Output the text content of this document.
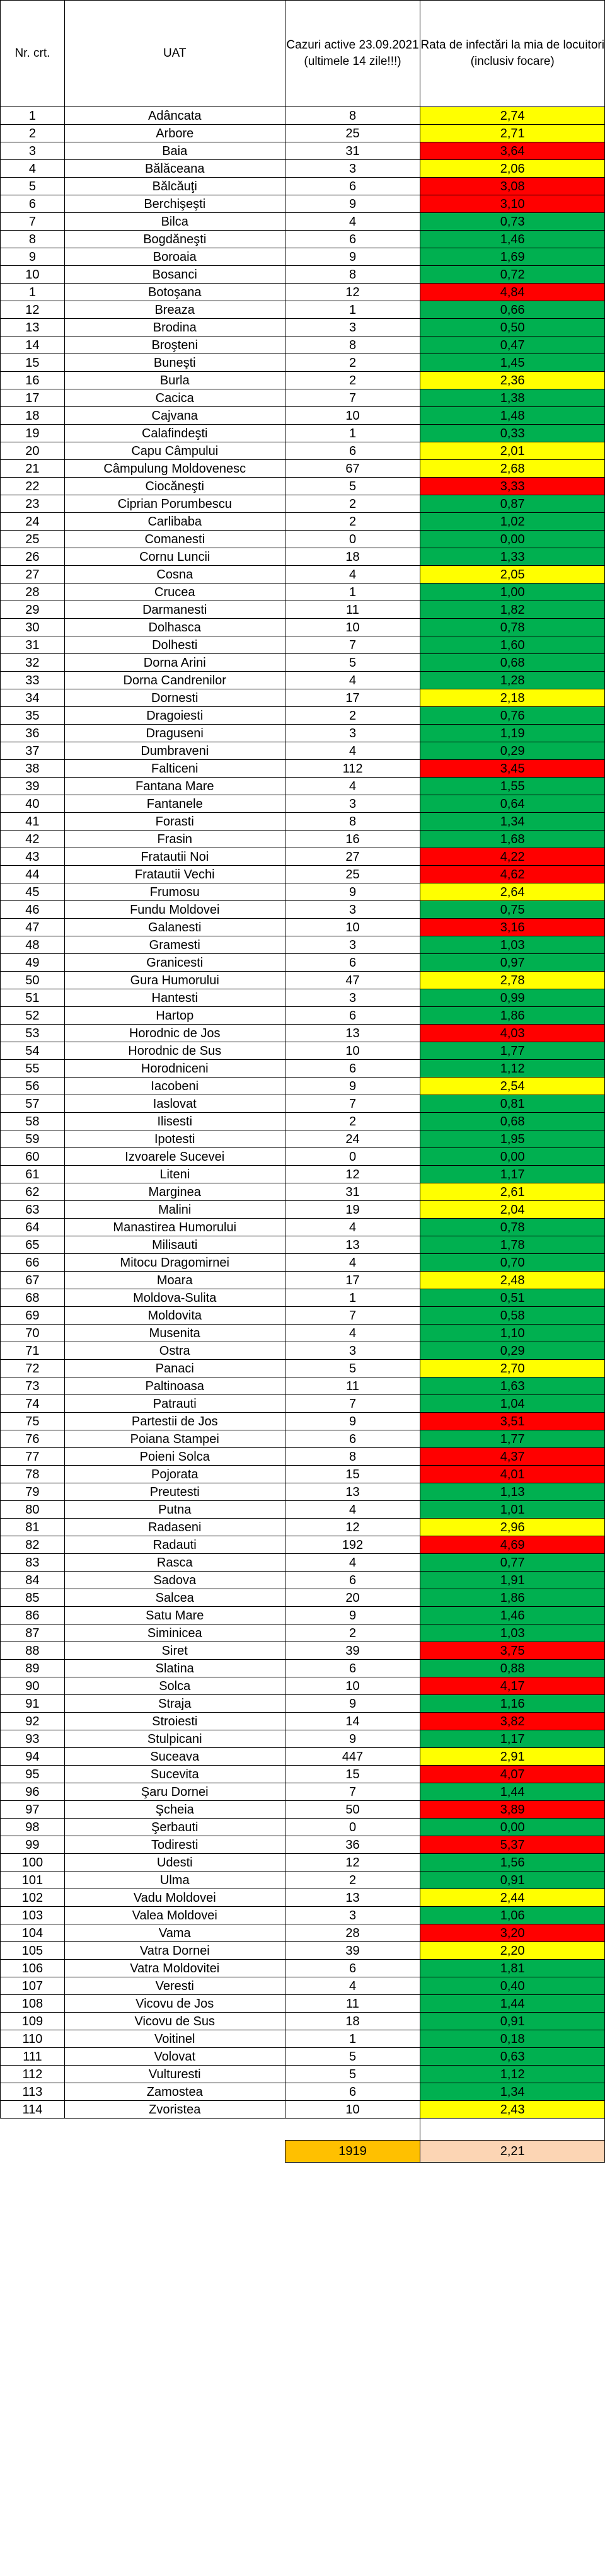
Nr. crt.	UAT	Cazuri active 23.09.2021 (ultimele 14 zile!!!)	Rata de infectări la mia de locuitori (inclusiv focare)
1	Adâncata	8	2,74
2	Arbore	25	2,71
3	Baia	31	3,64
4	Bălăceana	3	2,06
5	Bălcăuţi	6	3,08
6	Berchişeşti	9	3,10
7	Bilca	4	0,73
8	Bogdăneşti	6	1,46
9	Boroaia	9	1,69
10	Bosanci	8	0,72
1	Botoşana	12	4,84
12	Breaza	1	0,66
13	Brodina	3	0,50
14	Broşteni	8	0,47
15	Buneşti	2	1,45
16	Burla	2	2,36
17	Cacica	7	1,38
18	Cajvana	10	1,48
19	Calafindeşti	1	0,33
20	Capu Câmpului	6	2,01
21	Câmpulung Moldovenesc	67	2,68
22	Ciocăneşti	5	3,33
23	Ciprian Porumbescu	2	0,87
24	Carlibaba	2	1,02
25	Comanesti	0	0,00
26	Cornu Luncii	18	1,33
27	Cosna	4	2,05
28	Crucea	1	1,00
29	Darmanesti	11	1,82
30	Dolhasca	10	0,78
31	Dolhesti	7	1,60
32	Dorna Arini	5	0,68
33	Dorna Candrenilor	4	1,28
34	Dornesti	17	2,18
35	Dragoiesti	2	0,76
36	Draguseni	3	1,19
37	Dumbraveni	4	0,29
38	Falticeni	112	3,45
39	Fantana Mare	4	1,55
40	Fantanele	3	0,64
41	Forasti	8	1,34
42	Frasin	16	1,68
43	Fratautii Noi	27	4,22
44	Fratautii Vechi	25	4,62
45	Frumosu	9	2,64
46	Fundu Moldovei	3	0,75
47	Galanesti	10	3,16
48	Gramesti	3	1,03
49	Granicesti	6	0,97
50	Gura Humorului	47	2,78
51	Hantesti	3	0,99
52	Hartop	6	1,86
53	Horodnic de Jos	13	4,03
54	Horodnic de Sus	10	1,77
55	Horodniceni	6	1,12
56	Iacobeni	9	2,54
57	Iaslovat	7	0,81
58	Ilisesti	2	0,68
59	Ipotesti	24	1,95
60	Izvoarele Sucevei	0	0,00
61	Liteni	12	1,17
62	Marginea	31	2,61
63	Malini	19	2,04
64	Manastirea Humorului	4	0,78
65	Milisauti	13	1,78
66	Mitocu Dragomirnei	4	0,70
67	Moara	17	2,48
68	Moldova-Sulita	1	0,51
69	Moldovita	7	0,58
70	Musenita	4	1,10
71	Ostra	3	0,29
72	Panaci	5	2,70
73	Paltinoasa	11	1,63
74	Patrauti	7	1,04
75	Partestii de Jos	9	3,51
76	Poiana Stampei	6	1,77
77	Poieni Solca	8	4,37
78	Pojorata	15	4,01
79	Preutesti	13	1,13
80	Putna	4	1,01
81	Radaseni	12	2,96
82	Radauti	192	4,69
83	Rasca	4	0,77
84	Sadova	6	1,91
85	Salcea	20	1,86
86	Satu Mare	9	1,46
87	Siminicea	2	1,03
88	Siret	39	3,75
89	Slatina	6	0,88
90	Solca	10	4,17
91	Straja	9	1,16
92	Stroiesti	14	3,82
93	Stulpicani	9	1,17
94	Suceava	447	2,91
95	Sucevita	15	4,07
96	Şaru Dornei	7	1,44
97	Şcheia	50	3,89
98	Şerbauti	0	0,00
99	Todiresti	36	5,37
100	Udesti	12	1,56
101	Ulma	2	0,91
102	Vadu Moldovei	13	2,44
103	Valea Moldovei	3	1,06
104	Vama	28	3,20
105	Vatra Dornei	39	2,20
106	Vatra Moldovitei	6	1,81
107	Veresti	4	0,40
108	Vicovu de Jos	11	1,44
109	Vicovu de Sus	18	0,91
110	Voitinel	1	0,18
111	Volovat	5	0,63
112	Vulturesti	5	1,12
113	Zamostea	6	1,34
114	Zvoristea	10	2,43

		1919	2,21
